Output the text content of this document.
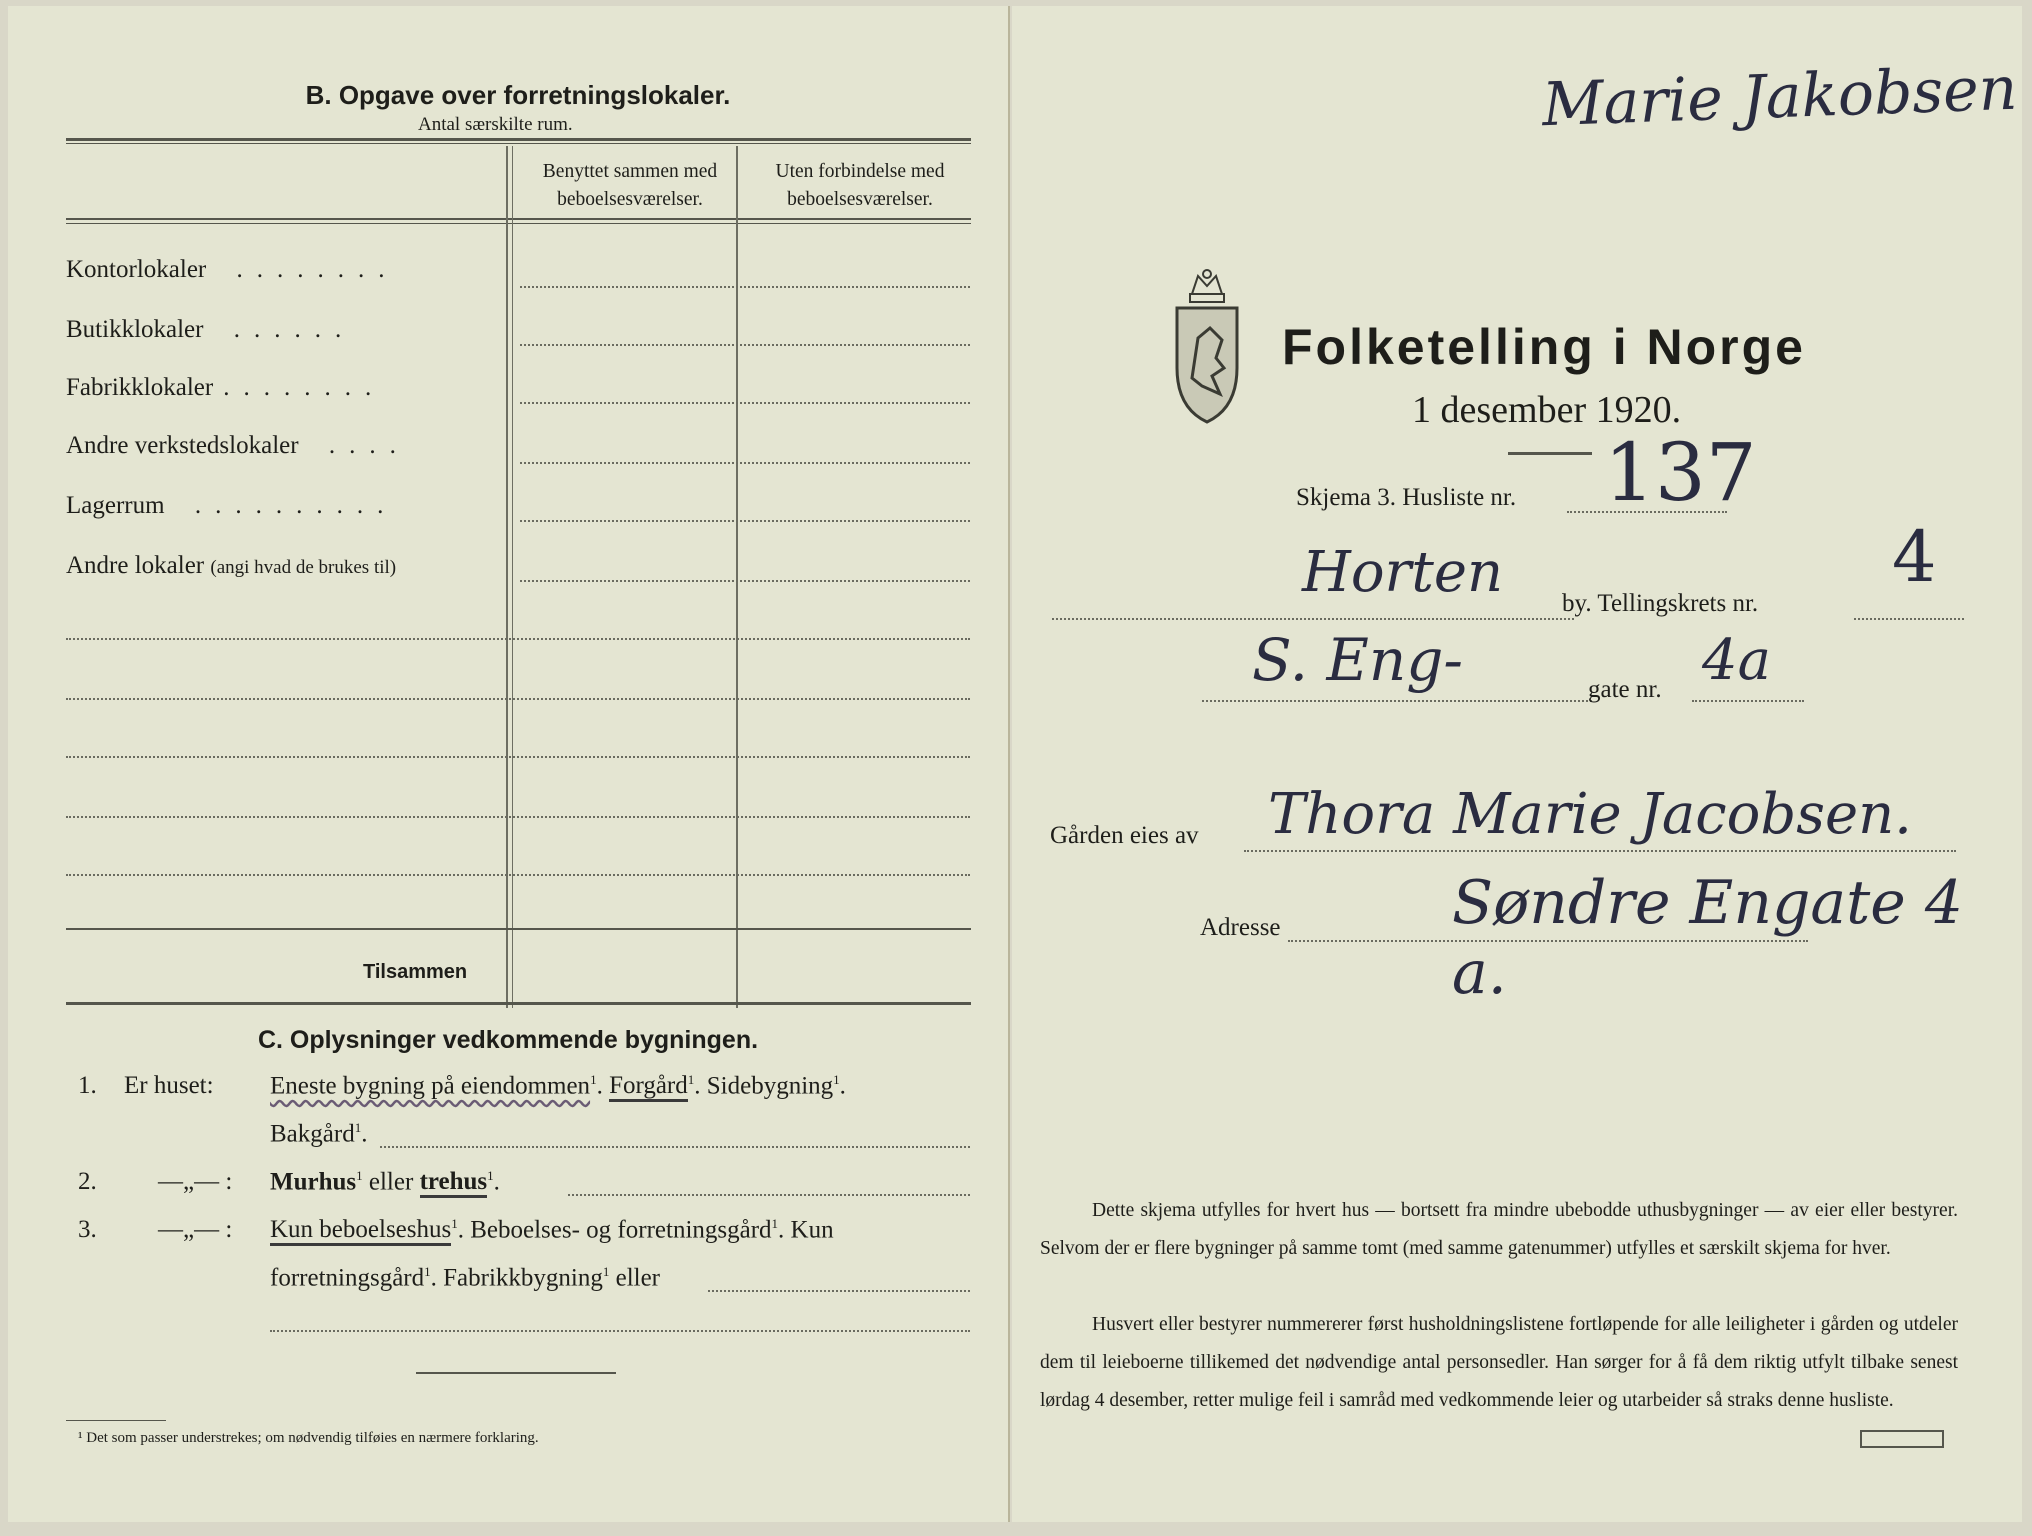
B. Opgave over forretningslokaler.
Antal særskilte rum.
Benyttet sammen med beboelsesværelser.
Uten forbindelse med beboelsesværelser.
Kontorlokaler ........
Butikklokaler ......
Fabrikklokaler ........
Andre verkstedslokaler ....
Lagerrum ..........
Andre lokaler (angi hvad de brukes til)
Tilsammen
C. Oplysninger vedkommende bygningen.
1. Er huset: Eneste bygning på eiendommen$^1$. Forgård$^1$. Sidebygning$^1$.
Bakgård$^1$.
2. —„— : Murhus$^1$ eller trehus$^1$.
3. —„— : Kun beboelseshus$^1$. Beboelses- og forretningsgård$^1$. Kun
forretningsgård$^1$. Fabrikkbygning$^1$ eller
¹ Det som passer understrekes; om nødvendig tilføies en nærmere forklaring.
Marie Jakobsen
Folketelling i Norge
1 desember 1920.
Skjema 3. Husliste nr. 137
Horten by. Tellingskrets nr.
4
S. Eng-	gate nr. 4a
Gården eies av Thora Marie Jacobsen.
Adresse	Søndre Engate 4 a.
Dette skjema utfylles for hvert hus — bortsett fra mindre ubebodde uthusbygninger — av eier eller bestyrer. Selvom der er flere bygninger på samme tomt (med samme gatenummer) utfylles et særskilt skjema for hver.
Husvert eller bestyrer nummererer først husholdningslistene fortløpende for alle leiligheter i gården og utdeler dem til leieboerne tillikemed det nødvendige antal personsedler. Han sørger for å få dem riktig utfylt tilbake senest lørdag 4 desember, retter mulige feil i samråd med vedkommende leier og utarbeider så straks denne husliste.
